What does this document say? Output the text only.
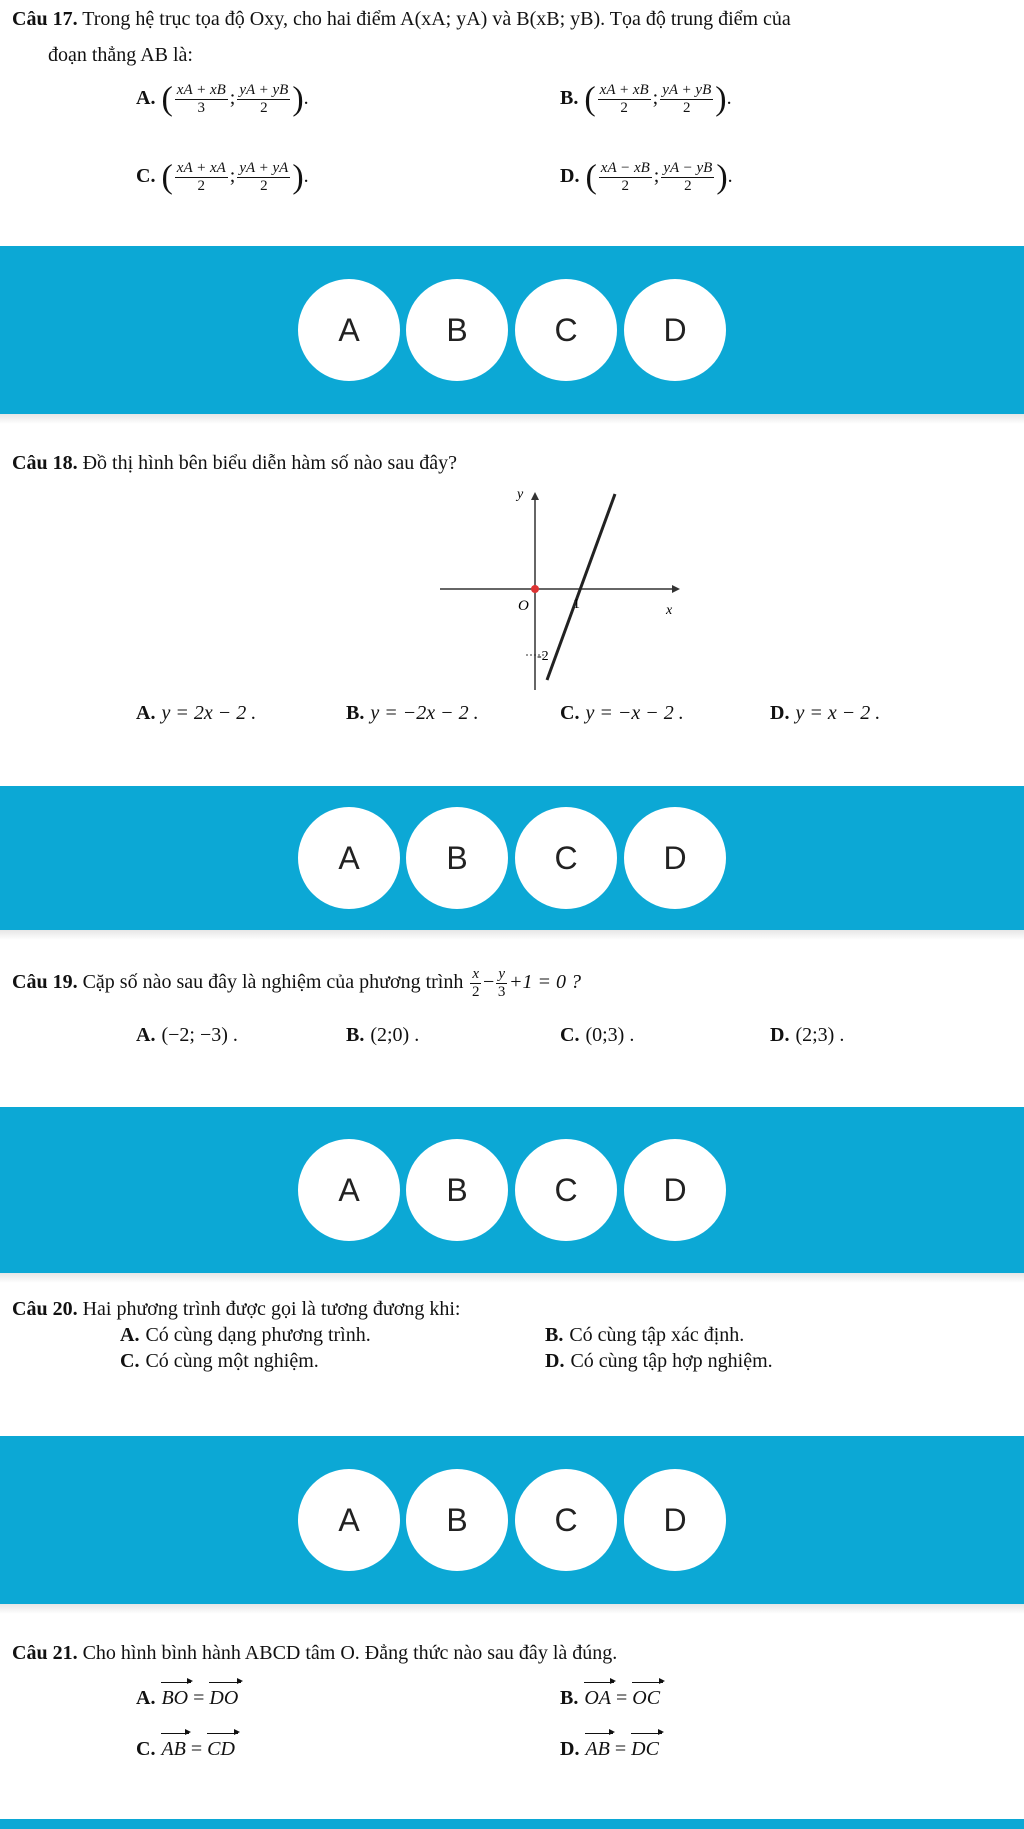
Câu 17. Trong hệ trục tọa độ Oxy, cho hai điểm A(xA; yA) và B(xB; yB). Tọa độ trung điểm của
đoạn thẳng AB là:
A. ( $\frac{xA + xB}{3}$ ; $\frac{yA + yB}{2}$ ).	B. ( $\frac{xA + xB}{2}$ ; $\frac{yA + yB}{2}$ ).
C. ( $\frac{xA + xA}{2}$ ; $\frac{yA + yA}{2}$ ).	D. ( $\frac{xA - xB}{2}$ ; $\frac{yA - yB}{2}$ ).
A	B	C	D
Câu 18. Đồ thị hình bên biểu diễn hàm số nào sau đây?
y
x
O	1
-2
A. y = 2x − 2 .	B. y = −2x − 2 .	C. y = −x − 2 .	D. y = x − 2 .
A	B	C	D
Câu 19. Cặp số nào sau đây là nghiệm của phương trình $\frac{x}{2} - \frac{y}{3} +1 = 0$ ?
A. (−2; −3) .	B. (2;0) .	C. (0;3) .	D. (2;3) .
A	B	C	D
Câu 20. Hai phương trình được gọi là tương đương khi:
A. Có cùng dạng phương trình.	B. Có cùng tập xác định.
C. Có cùng một nghiệm.	D. Có cùng tập hợp nghiệm.
A	B	C	D
Câu 21. Cho hình bình hành ABCD tâm O. Đẳng thức nào sau đây là đúng.
A. BO = DO	B. OA = OC
C. AB = CD	D. AB = DC
